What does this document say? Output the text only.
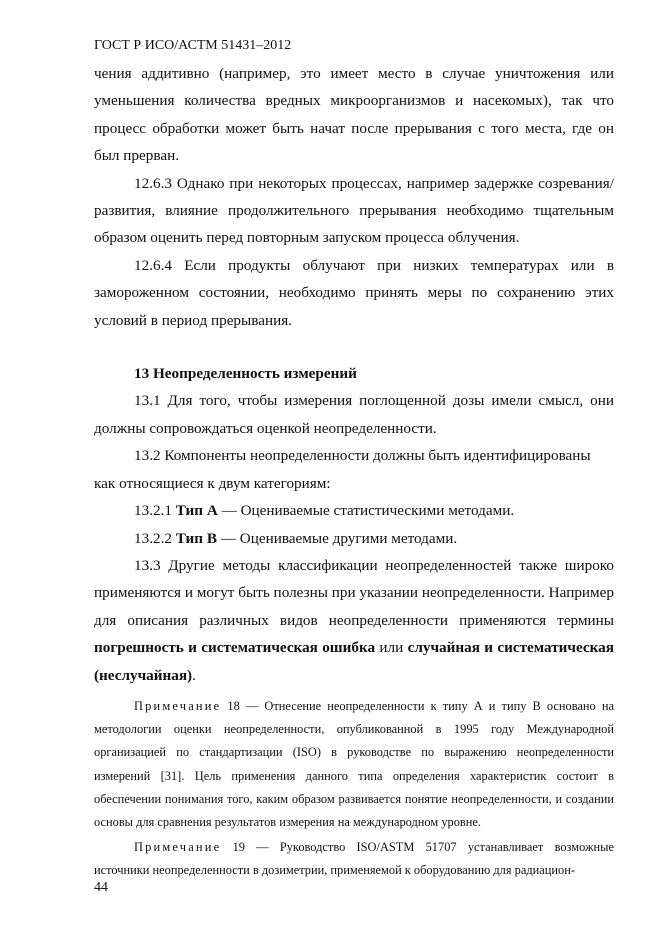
ГОСТ Р ИСО/АСТМ 51431–2012

чения аддитивно (например, это имеет место в случае уничтожения или уменьшения количества вредных микроорганизмов и насекомых), так что процесс обработки может быть начат после прерывания с того места, где он был прерван.

12.6.3 Однако при некоторых процессах, например задержке созревания/развития, влияние продолжительного прерывания необходимо тщательным образом оценить перед повторным запуском процесса облучения.

12.6.4 Если продукты облучают при низких температурах или в замороженном состоянии, необходимо принять меры по сохранению этих условий в период прерывания.

13 Неопределенность измерений

13.1 Для того, чтобы измерения поглощенной дозы имели смысл, они должны сопровождаться оценкой неопределенности.

13.2 Компоненты неопределенности должны быть идентифицированы как относящиеся к двум категориям:

13.2.1 Тип А — Оцениваемые статистическими методами.

13.2.2 Тип В — Оцениваемые другими методами.

13.3 Другие методы классификации неопределенностей также широко применяются и могут быть полезны при указании неопределенности. Например для описания различных видов неопределенности применяются термины погрешность и систематическая ошибка или случайная и систематическая (неслучайная).

Примечание 18 — Отнесение неопределенности к типу А и типу В основано на методологии оценки неопределенности, опубликованной в 1995 году Международной организацией по стандартизации (ISO) в руководстве по выражению неопределенности измерений [31]. Цель применения данного типа определения характеристик состоит в обеспечении понимания того, каким образом развивается понятие неопределенности, и создании основы для сравнения результатов измерения на международном уровне.

Примечание 19 — Руководство ISO/ASTM 51707 устанавливает возможные источники неопределенности в дозиметрии, применяемой к оборудованию для радиацион-

44
